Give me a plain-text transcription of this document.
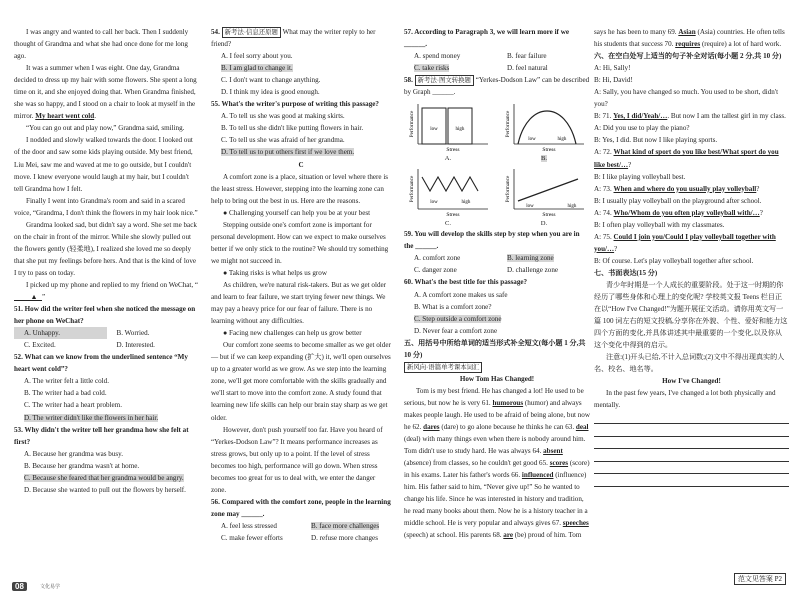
I was angry and wanted to call her back. Then I suddenly thought of Grandma and what she had once done for me long ago.

It was a summer when I was eight. One day, Grandma decided to dress up my hair with some flowers. She spent a long time on it, and she enjoyed doing that. When Grandma finished, she was so happy, and I stood on a chair to look at myself in the mirror. My heart went cold.

“You can go out and play now,” Grandma said, smiling.

I nodded and slowly walked towards the door. I looked out of the door and saw some kids playing outside. My best friend, Liu Mei, saw me and waved at me to go outside, but I couldn't move. I knew everyone would laugh at my hair, but I couldn't tell Grandma how I felt.

Finally I went into Grandma's room and said in a scared voice, “Grandma, I don't think the flowers in my hair look nice.”

Grandma looked sad, but didn't say a word. She set me back on the chair in front of the mirror. While she slowly pulled out the flowers gently (轻柔地), I realized she loved me so deeply that she put my feelings before hers. And that is the kind of love I try to pass on today.

I picked up my phone and replied to my friend on WeChat, “▲ ”

51. How did the writer feel when she noticed the message on her phone on WeChat?

A. Unhappy.	B. Worried.
C. Excited.	D. Interested.

52. What can we know from the underlined sentence “My heart went cold”?

A. The writer felt a little cold.

B. The writer had a bad cold.

C. The writer had a heart problem.

D. The writer didn't like the flowers in her hair.

53. Why didn't the writer tell her grandma how she felt at first?

A. Because her grandma was busy.

B. Because her grandma wasn't at home.

C. Because she feared that her grandma would be angry.

D. Because she wanted to pull out the flowers by herself.

54. 新考法·信息还原题 What may the writer reply to her friend?

A. I feel sorry about you.

B. I am glad to change it.

C. I don't want to change anything.

D. I think my idea is good enough.

55. What's the writer's purpose of writing this passage?

A. To tell us she was good at making skirts.

B. To tell us she didn't like putting flowers in hair.

C. To tell us she was afraid of her grandma.

D. To tell us to put others first if we love them.

C

A comfort zone is a place, situation or level where there is the least stress. However, stepping into the learning zone can help to bring out the best in us. Here are the reasons.

● Challenging yourself can help you be at your best

Stepping outside one's comfort zone is important for personal development. How can we expect to make ourselves better if we only stick to the routine? We should try something we might not succeed in.

● Taking risks is what helps us grow

As children, we're natural risk-takers. But as we get older and learn to fear failure, we start trying fewer new things. We may pay a heavy price for our fear of failure. There is no learning without any difficulties.

● Facing new challenges can help us grow better

Our comfort zone seems to become smaller as we get older — but if we can keep expanding (扩大) it, we'll open ourselves up to a greater world as we grow. As we step into the learning zone, we'll get more comfortable with the skills gradually and we'll start to move into the comfort zone. A study found that learning new life skills can help our brain stay sharp as we get older.

However, don't push yourself too far. Have you heard of “Yerkes-Dodson Law”? It means performance increases as stress grows, but only up to a point. If the level of stress becomes too high, performance will go down. When stress becomes too great for us to deal with, we enter the danger zone.

56. Compared with the comfort zone, people in the learning zone may ______.

A. feel less stressed	B. face more challenges
C. make fewer efforts	D. refuse more changes

57. According to Paragraph 3, we will learn more if we ______.

A. spend money	B. fear failure
C. take risks	D. feel natural

58. 新考法·图文转换题 “Yerkes-Dodson Law” can be described by Graph ______.

Performance
Stress
low	high
A.
Performance
Stress
low	high
B.
Performance
Stress
low	high
C.
Performance
Stress
low	high
D.

59. You will develop the skills step by step when you are in the ______.

A. comfort zone	B. learning zone
C. danger zone	D. challenge zone

60. What's the best title for this passage?

A. A comfort zone makes us safe

B. What is a comfort zone?

C. Step outside a comfort zone

D. Never fear a comfort zone

五、用括号中所给单词的适当形式补全短文(每小题 1 分,共 10 分)

新风向·语篇单考课本词汇

How Tom Has Changed!

Tom is my best friend. He has changed a lot! He used to be serious, but now he is very 61. humorous (humor) and always makes people laugh. He used to be afraid of being alone, but now he 62. dares (dare) to go alone because he thinks he can 63. deal (deal) with many things even when there is nobody around him. Tom didn't use to study hard. He was always 64. absent (absence) from classes, so he couldn't get good 65. scores (score) in his exams. Later his father's words 66. influenced (influence) him. His father said to him, “Never give up!” So he wanted to change his life. Since he was interested in history and tradition, he read many books about them. Now he is a history teacher in a middle school. He is very popular and always gives 67. speeches (speech) at school. His parents 68. are (be) proud of him. Tom

says he has been to many 69. Asian (Asia) countries. He often tells his students that success 70. requires (require) a lot of hard work.

六、在空白处写上适当的句子补全对话(每小题 2 分,共 10 分)

A: Hi, Sally!

B: Hi, David!

A: Sally, you have changed so much. You used to be short, didn't you?

B: 71. Yes, I did/Yeah/…. But now I am the tallest girl in my class.

A: Did you use to play the piano?

B: Yes, I did. But now I like playing sports.

A: 72. What kind of sport do you like best/What sport do you like best/…?

B: I like playing volleyball best.

A: 73. When and where do you usually play volleyball?

B: I usually play volleyball on the playground after school.

A: 74. Who/Whom do you often play volleyball with/…?

B: I often play volleyball with my classmates.

A: 75. Could I join you/Could I play volleyball together with you/…?

B: Of course. Let's play volleyball together after school.

七、书面表达(15 分)

青少年时期是一个人成长的重要阶段。处于这一时期的你经历了哪些身体和心理上的变化呢? 学校英文报 Teens 栏目正在以“How I've Changed!”为题开展征文活动。请你用英文写一篇 100 词左右的短文投稿,分享你在外貌、个性、爱好和能力这四个方面的变化,并具体讲述其中最重要的一个变化,以及你从这个变化中得到的启示。

注意:(1)开头已给,不计入总词数;(2)文中不得出现真实的人名、校名、地名等。

How I've Changed!

In the past few years, I've changed a lot both physically and mentally.

范文见答案 P2
08	文化易学
